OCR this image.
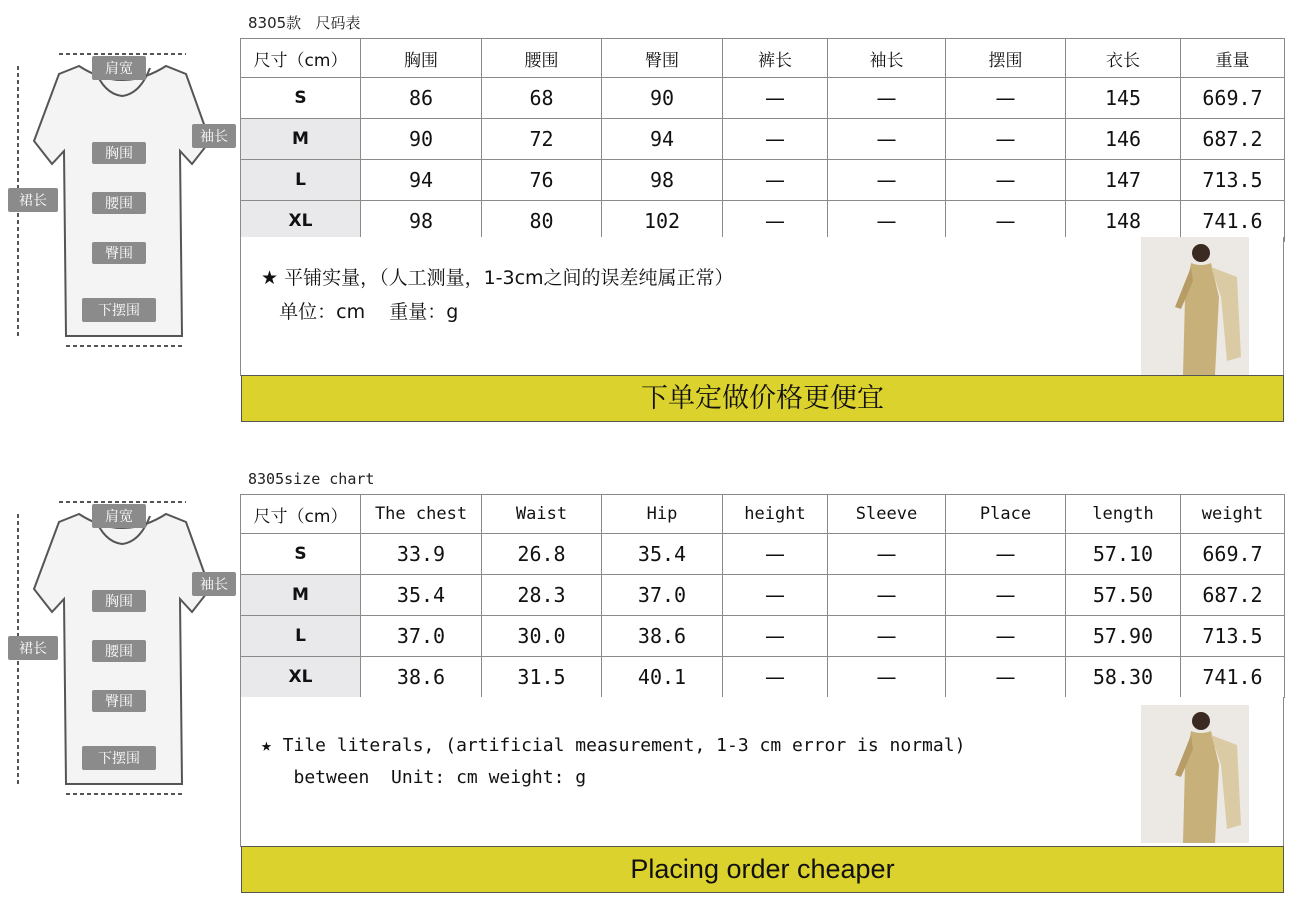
8305款   尺码表
肩宽
袖长
胸围
裙长	腰围
臀围
下摆围
尺寸（cm）	胸围	腰围	臀围	裤长	袖长	摆围	衣长	重量
S	86	68	90	—	—	—	145	669.7
M	90	72	94	—	—	—	146	687.2
L	94	76	98	—	—	—	147	713.5
XL	98	80	102	—	—	—	148	741.6
★ 平铺实量，（人工测量，1-3cm之间的误差纯属正常）
单位：cm    重量：g
下单定做价格更便宜
8305size chart
肩宽
袖长
胸围
裙长	腰围
臀围
下摆围
尺寸（cm）	The chest	Waist	Hip	height	Sleeve	Place	length	weight
S	33.9	26.8	35.4	—	—	—	57.10	669.7
M	35.4	28.3	37.0	—	—	—	57.50	687.2
L	37.0	30.0	38.6	—	—	—	57.90	713.5
XL	38.6	31.5	40.1	—	—	—	58.30	741.6
★ Tile literals, (artificial measurement, 1-3 cm error is normal)
between  Unit: cm weight: g
Placing order cheaper
